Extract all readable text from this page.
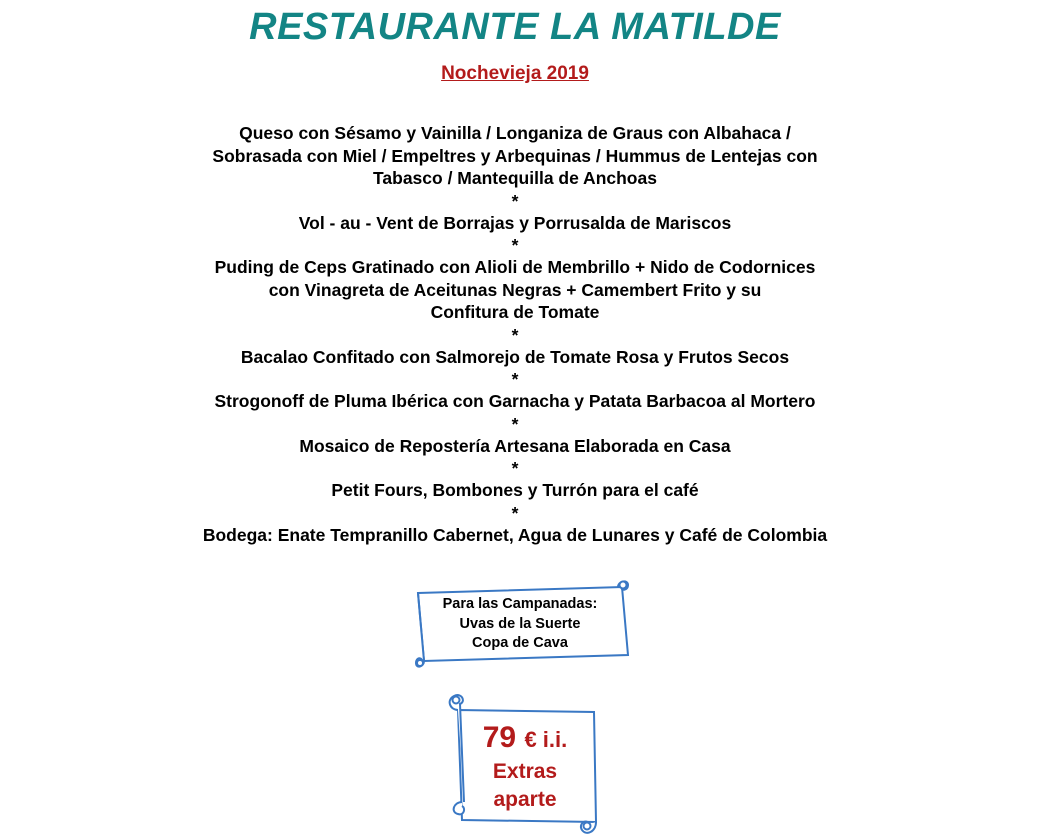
RESTAURANTE LA MATILDE
Nochevieja 2019
Queso con Sésamo y Vainilla / Longaniza de Graus con Albahaca /
Sobrasada con Miel / Empeltres y Arbequinas / Hummus de Lentejas con
Tabasco / Mantequilla de Anchoas
*
Vol - au - Vent de Borrajas y Porrusalda de Mariscos
*
Puding de Ceps Gratinado con Alioli de Membrillo + Nido de Codornices
con Vinagreta de Aceitunas Negras + Camembert Frito y su
Confitura de Tomate
*
Bacalao Confitado con Salmorejo de Tomate Rosa y Frutos Secos
*
Strogonoff de Pluma Ibérica con Garnacha y Patata Barbacoa al Mortero
*
Mosaico de Repostería Artesana Elaborada en Casa
*
Petit Fours, Bombones y Turrón para el café
*
Bodega: Enate Tempranillo Cabernet, Agua de Lunares y Café de Colombia
Para las Campanadas:
Uvas de la Suerte
Copa de Cava
79 € i.i.
Extras
aparte
